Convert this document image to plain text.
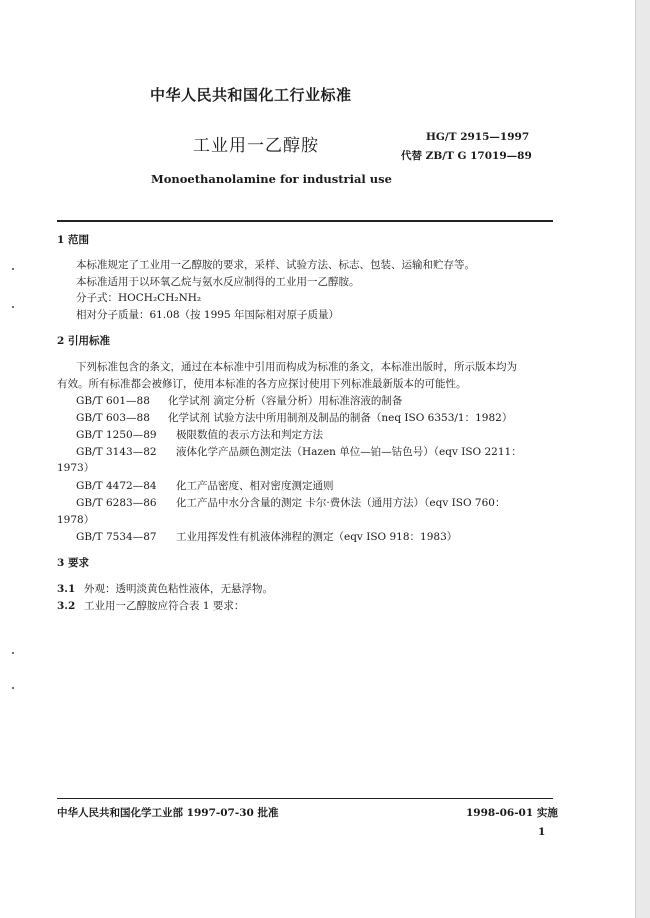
中华人民共和国化工行业标准
工业用一乙醇胺	HG/T 2915—1997
代替 ZB/T G 17019—89
Monoethanolamine for industrial use
1 范围
本标准规定了工业用一乙醇胺的要求，采样、试验方法、标志、包装、运输和贮存等。
本标准适用于以环氧乙烷与氨水反应制得的工业用一乙醇胺。
分子式：HOCH₂CH₂NH₂
相对分子质量：61.08（按 1995 年国际相对原子质量）
2 引用标准
下列标准包含的条文，通过在本标准中引用而构成为标准的条文，本标准出版时，所示版本均为
有效。所有标准都会被修订，使用本标准的各方应探讨使用下列标准最新版本的可能性。
GB/T 601—88 化学试剂 滴定分析（容量分析）用标准溶液的制备
GB/T 603—88 化学试剂 试验方法中所用制剂及制品的制备（neq ISO 6353/1：1982）
GB/T 1250—89 极限数值的表示方法和判定方法
GB/T 3143—82 液体化学产品颜色测定法（Hazen 单位—铂—钴色号）（eqv ISO 2211：
1973）
GB/T 4472—84 化工产品密度、相对密度测定通则
GB/T 6283—86 化工产品中水分含量的测定 卡尔·费休法（通用方法）（eqv ISO 760：
1978）
GB/T 7534—87 工业用挥发性有机液体沸程的测定（eqv ISO 918：1983）
3 要求
3.1 外观：透明淡黄色粘性液体，无悬浮物。
3.2 工业用一乙醇胺应符合表 1 要求：
中华人民共和国化学工业部 1997-07-30 批准	1998-06-01 实施
1
